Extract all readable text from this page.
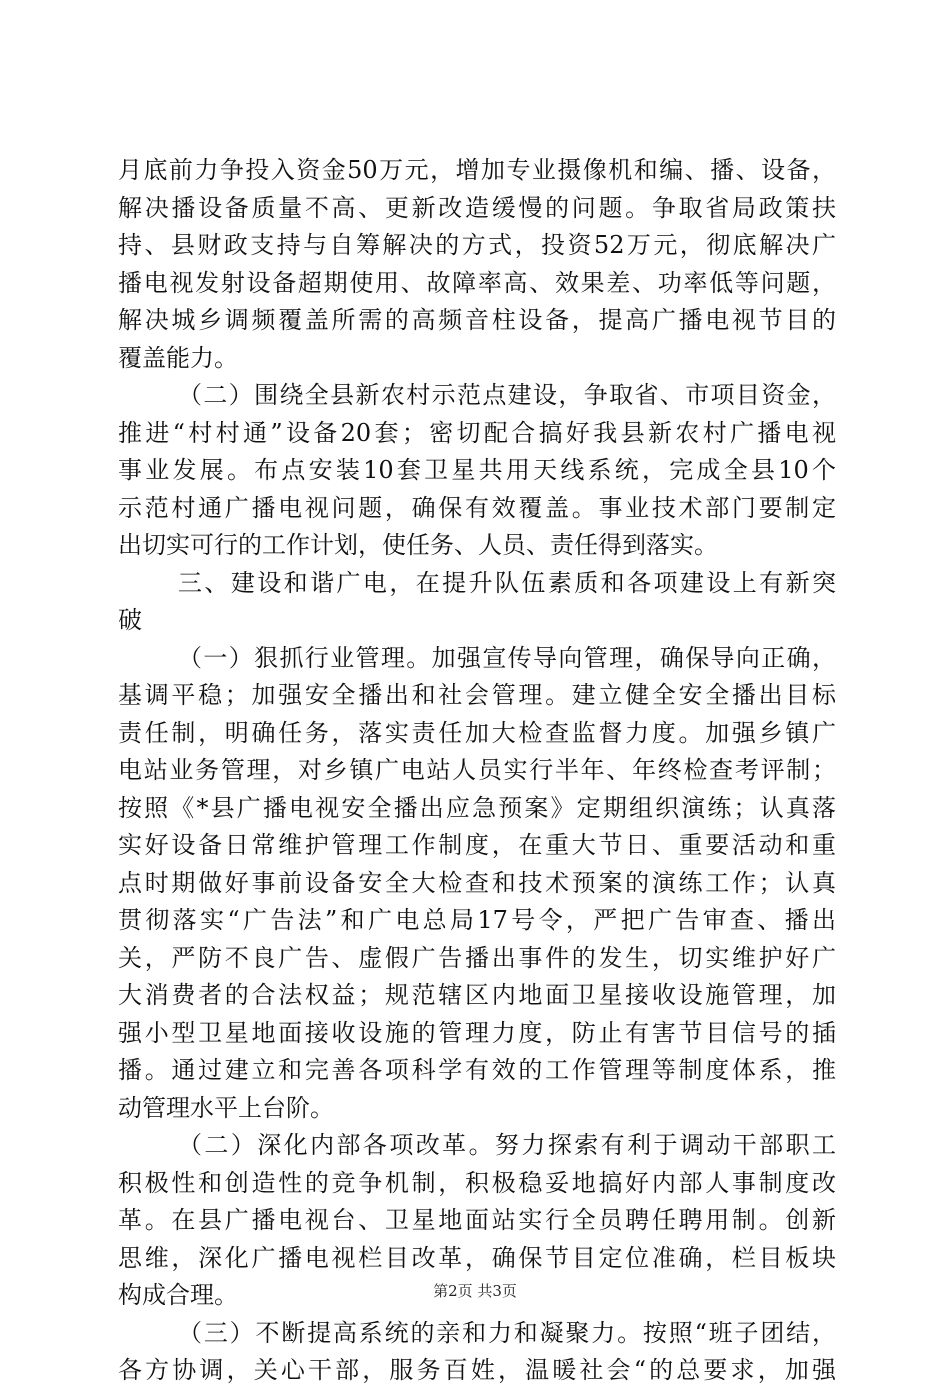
月底前力争投入资金50万元，增加专业摄像机和编、播、设备，
解决播设备质量不高、更新改造缓慢的问题。争取省局政策扶
持、县财政支持与自筹解决的方式，投资52万元，彻底解决广
播电视发射设备超期使用、故障率高、效果差、功率低等问题，
解决城乡调频覆盖所需的高频音柱设备，提高广播电视节目的
覆盖能力。
（二）围绕全县新农村示范点建设，争取省、市项目资金，
推进“村村通”设备20套；密切配合搞好我县新农村广播电视
事业发展。布点安装10套卫星共用天线系统，完成全县10个
示范村通广播电视问题，确保有效覆盖。事业技术部门要制定
出切实可行的工作计划，使任务、人员、责任得到落实。
三、建设和谐广电，在提升队伍素质和各项建设上有新突
破
（一）狠抓行业管理。加强宣传导向管理，确保导向正确，
基调平稳；加强安全播出和社会管理。建立健全安全播出目标
责任制，明确任务，落实责任加大检查监督力度。加强乡镇广
电站业务管理，对乡镇广电站人员实行半年、年终检查考评制；
按照《*县广播电视安全播出应急预案》定期组织演练；认真落
实好设备日常维护管理工作制度，在重大节日、重要活动和重
点时期做好事前设备安全大检查和技术预案的演练工作；认真
贯彻落实“广告法”和广电总局17号令，严把广告审查、播出
关，严防不良广告、虚假广告播出事件的发生，切实维护好广
大消费者的合法权益；规范辖区内地面卫星接收设施管理，加
强小型卫星地面接收设施的管理力度，防止有害节目信号的插
播。通过建立和完善各项科学有效的工作管理等制度体系，推
动管理水平上台阶。
（二）深化内部各项改革。努力探索有利于调动干部职工
积极性和创造性的竞争机制，积极稳妥地搞好内部人事制度改
革。在县广播电视台、卫星地面站实行全员聘任聘用制。创新
思维，深化广播电视栏目改革，确保节目定位准确，栏目板块
构成合理。
（三）不断提高系统的亲和力和凝聚力。按照“班子团结，
各方协调，关心干部，服务百姓，温暖社会“的总要求，加强
第2页 共3页
